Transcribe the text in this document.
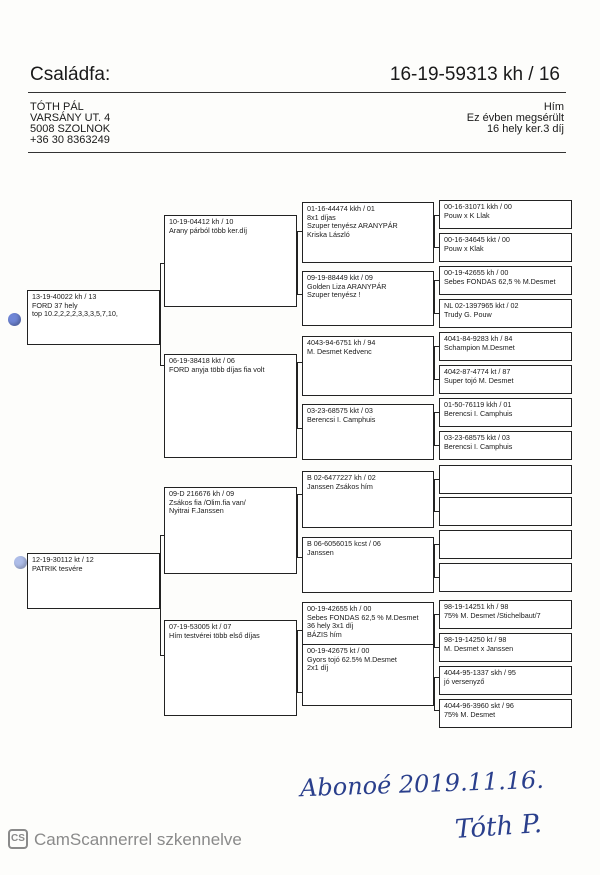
Családfa:	16-19-59313 kh / 16
TÓTH PÁL
VARSÁNY UT. 4
5008 SZOLNOK
+36 30 8363249
Hím
Ez évben megsérült
16 hely ker.3 díj
13-19-40022 kh / 13
FORD 37 hely
top 10.2,2,2,2,3,3,3,5,7,10,
12-19-30112 kt / 12
PATRIK tesvére
10-19-04412 kh / 10
Arany párból több ker.díj
06-19-38418 kkt / 06
FORD anyja több díjas fia volt
09-D 216676 kh / 09
Zsákos fia /Olim.fia van/
Nyitrai F.Janssen
07-19-53005 kt / 07
Hím testvérei több első díjas
01-16-44474 kkh / 01
8x1 díjas
Szuper tenyész ARANYPÁR
Kriska László
09-19-88449 kkt / 09
Golden Liza ARANYPÁR
Szuper tenyész !
4043-94-6751 kh / 94
M. Desmet Kedvenc
03-23-68575 kkt / 03
Berencsi I. Camphuis
B 02-6477227 kh / 02
Janssen Zsákos hím
B 06-6056015 kcst / 06
Janssen
00-19-42655 kh / 00
Sebes FONDAS 62,5 % M.Desmet
36 hely 3x1 díj
BÁZIS hím
00-19-42675 kt / 00
Gyors tojó 62.5% M.Desmet
2x1 díj
00-16-31071 kkh / 00
Pouw x K Llak
00-16-34645 kkt / 00
Pouw x Klak
00-19-42655 kh / 00
Sebes FONDAS 62,5 % M.Desmet
NL 02-1397965 kkt / 02
Trudy G. Pouw
4041-84-9283 kh / 84
Schampion M.Desmet
4042-87-4774 kt / 87
Super tojó M. Desmet
01-50-76119 kkh / 01
Berencsi I. Camphuis
03-23-68575 kkt / 03
Berencsi I. Camphuis
98-19-14251 kh / 98
75% M. Desmet /Stichelbaut/7
98-19-14250 kt / 98
M. Desmet x Janssen
4044-95-1337 skh / 95
jó versenyző
4044-96-3960 skt / 96
75% M. Desmet
Abonoé 2019.11.16.
Tóth P.
CS CamScannerrel szkennelve
